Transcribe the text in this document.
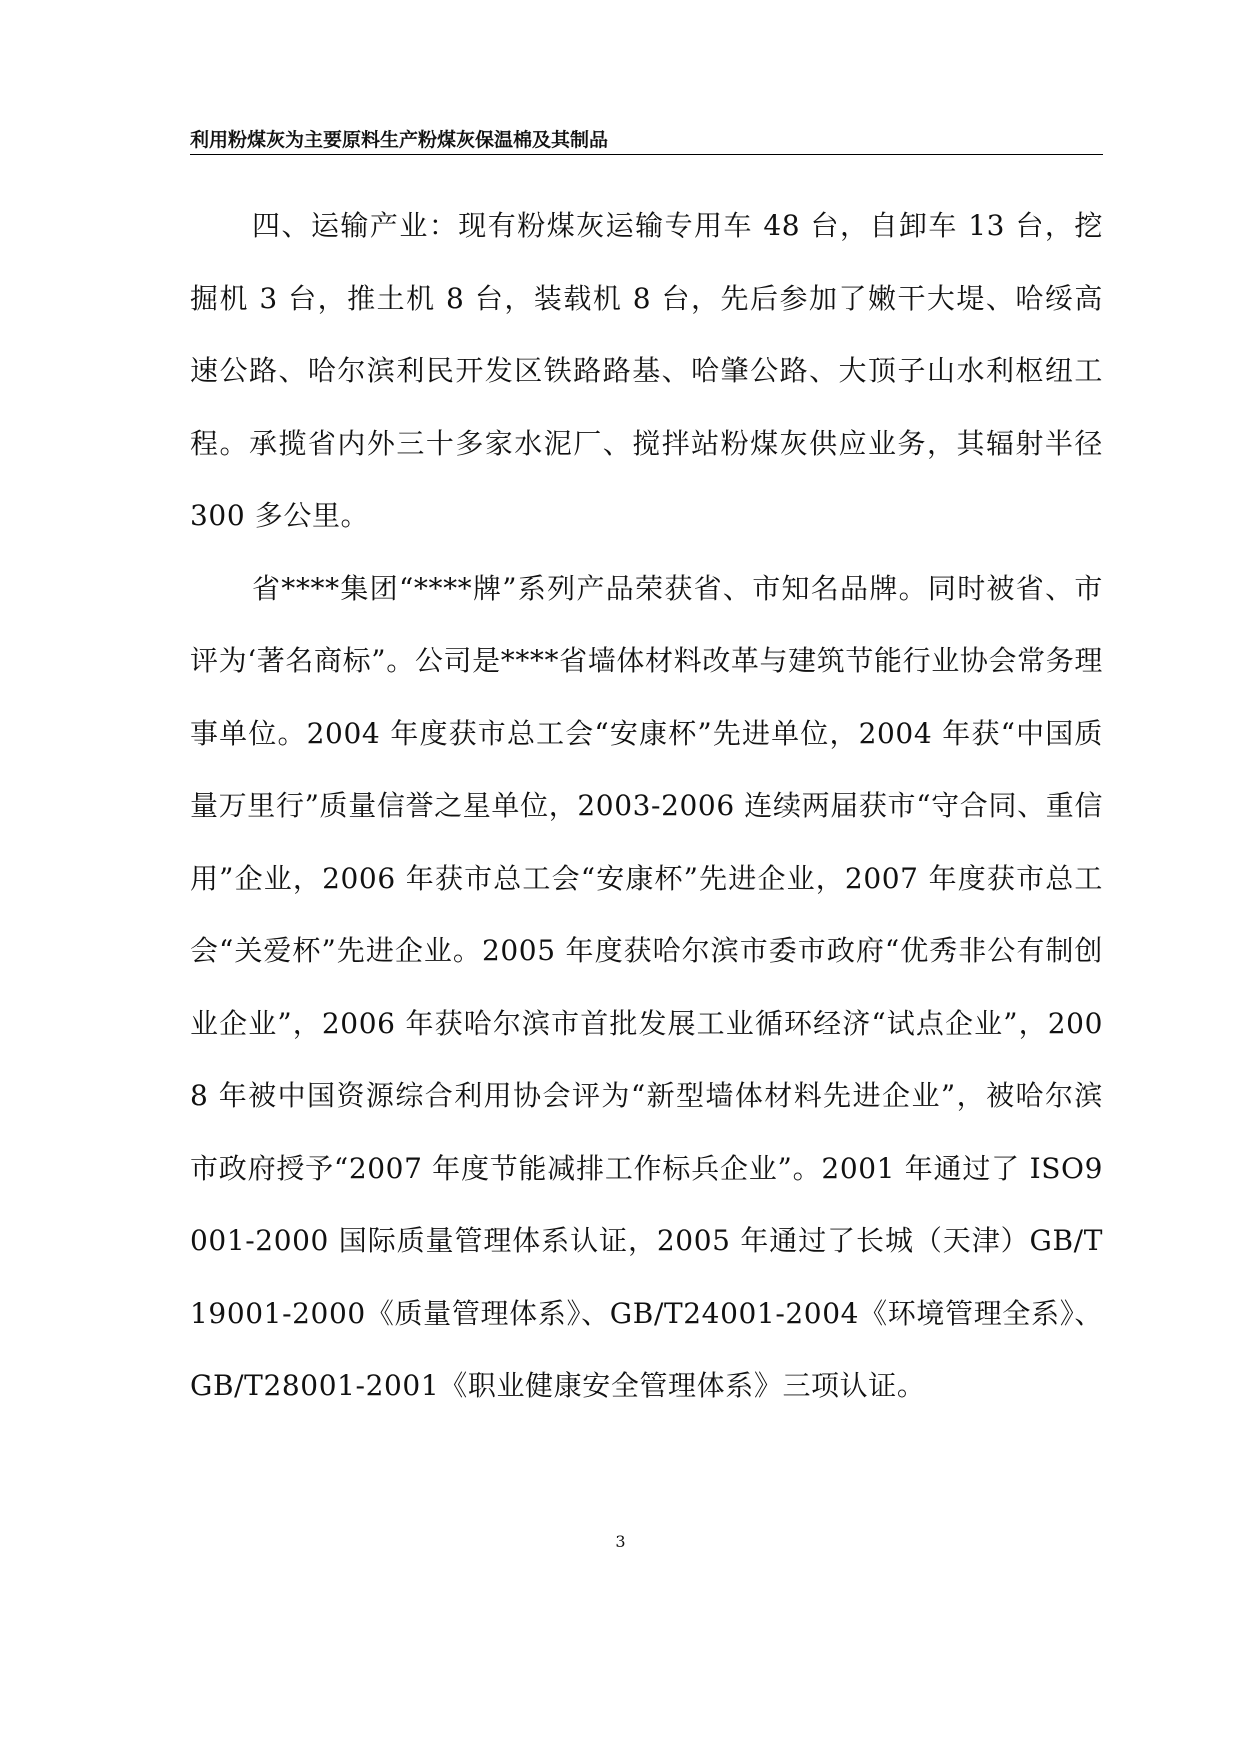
利用粉煤灰为主要原料生产粉煤灰保温棉及其制品

四、运输产业：现有粉煤灰运输专用车 48 台，自卸车 13 台，挖掘机 3 台，推土机 8 台，装载机 8 台，先后参加了嫩干大堤、哈绥高速公路、哈尔滨利民开发区铁路路基、哈肇公路、大顶子山水利枢纽工程。承揽省内外三十多家水泥厂、搅拌站粉煤灰供应业务，其辐射半径 300 多公里。

省****集团“****牌”系列产品荣获省、市知名品牌。同时被省、市评为‘著名商标”。公司是****省墙体材料改革与建筑节能行业协会常务理事单位。2004 年度获市总工会“安康杯”先进单位，2004 年获“中国质量万里行”质量信誉之星单位，2003-2006 连续两届获市“守合同、重信用”企业，2006 年获市总工会“安康杯”先进企业，2007 年度获市总工会“关爱杯”先进企业。2005 年度获哈尔滨市委市政府“优秀非公有制创业企业”，2006 年获哈尔滨市首批发展工业循环经济“试点企业”，2008 年被中国资源综合利用协会评为“新型墙体材料先进企业”，被哈尔滨市政府授予“2007 年度节能减排工作标兵企业”。2001 年通过了 ISO9001-2000 国际质量管理体系认证，2005 年通过了长城（天津）GB/T19001-2000《质量管理体系》、GB/T24001-2004《环境管理全系》、GB/T28001-2001《职业健康安全管理体系》三项认证。

3
